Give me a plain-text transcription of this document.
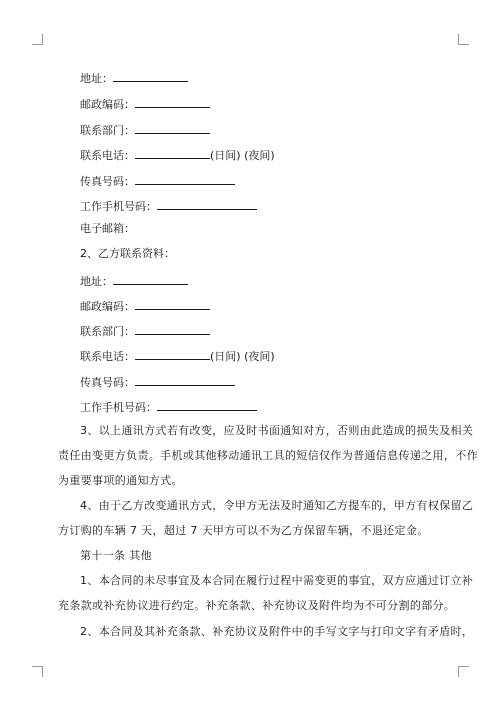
地址：
邮政编码：
联系部门：
联系电话：	(日间) (夜间)
传真号码：
工作手机号码：
电子邮箱：
2、乙方联系资料：
地址：
邮政编码：
联系部门：
联系电话：	(日间) (夜间)
传真号码：
工作手机号码：
3、以上通讯方式若有改变，应及时书面通知对方，否则由此造成的损失及相关
责任由变更方负责。手机或其他移动通讯工具的短信仅作为普通信息传递之用，不作
为重要事项的通知方式。
4、由于乙方改变通讯方式，令甲方无法及时通知乙方提车的，甲方有权保留乙
方订购的车辆 7 天，超过 7 天甲方可以不为乙方保留车辆，不退还定金。
第十一条 其他
1、本合同的未尽事宜及本合同在履行过程中需变更的事宜，双方应通过订立补
充条款或补充协议进行约定。补充条款、补充协议及附件均为不可分割的部分。
2、本合同及其补充条款、补充协议及附件中的手写文字与打印文字有矛盾时，
